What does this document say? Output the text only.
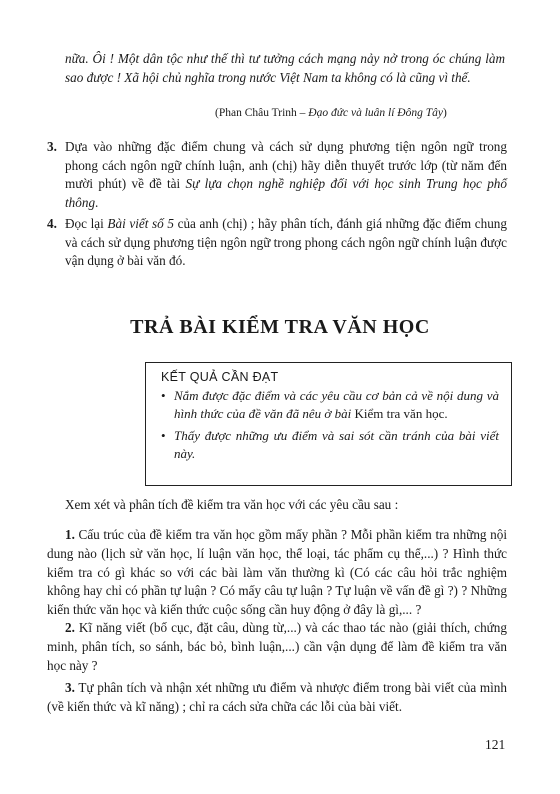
nữa. Ôi ! Một dân tộc như thế thì tư tưởng cách mạng nảy nở trong óc chúng làm sao được ! Xã hội chủ nghĩa trong nước Việt Nam ta không có là cũng vì thế.

(Phan Châu Trinh – Đạo đức và luân lí Đông Tây)
3. Dựa vào những đặc điểm chung và cách sử dụng phương tiện ngôn ngữ trong phong cách ngôn ngữ chính luận, anh (chị) hãy diễn thuyết trước lớp (từ năm đến mười phút) về đề tài Sự lựa chọn nghề nghiệp đối với học sinh Trung học phổ thông.
4. Đọc lại Bài viết số 5 của anh (chị) ; hãy phân tích, đánh giá những đặc điểm chung và cách sử dụng phương tiện ngôn ngữ trong phong cách ngôn ngữ chính luận được vận dụng ở bài văn đó.
TRẢ BÀI KIỂM TRA VĂN HỌC
KẾT QUẢ CẦN ĐẠT
• Nắm được đặc điểm và các yêu cầu cơ bản cả về nội dung và hình thức của đề văn đã nêu ở bài Kiểm tra văn học.
• Thấy được những ưu điểm và sai sót cần tránh của bài viết này.

Xem xét và phân tích đề kiểm tra văn học với các yêu cầu sau :

1. Cấu trúc của đề kiểm tra văn học gồm mấy phần ? Mỗi phần kiểm tra những nội dung nào (lịch sử văn học, lí luận văn học, thể loại, tác phẩm cụ thể,...) ? Hình thức kiểm tra có gì khác so với các bài làm văn thường kì (Có các câu hỏi trắc nghiệm không hay chỉ có phần tự luận ? Có mấy câu tự luận ? Tự luận về vấn đề gì ?) ? Những kiến thức văn học và kiến thức cuộc sống cần huy động ở đây là gì,... ?

2. Kĩ năng viết (bố cục, đặt câu, dùng từ,...) và các thao tác nào (giải thích, chứng minh, phân tích, so sánh, bác bỏ, bình luận,...) cần vận dụng để làm đề kiểm tra văn học này ?

3. Tự phân tích và nhận xét những ưu điểm và nhược điểm trong bài viết của mình (về kiến thức và kĩ năng) ; chỉ ra cách sửa chữa các lỗi của bài viết.

121
